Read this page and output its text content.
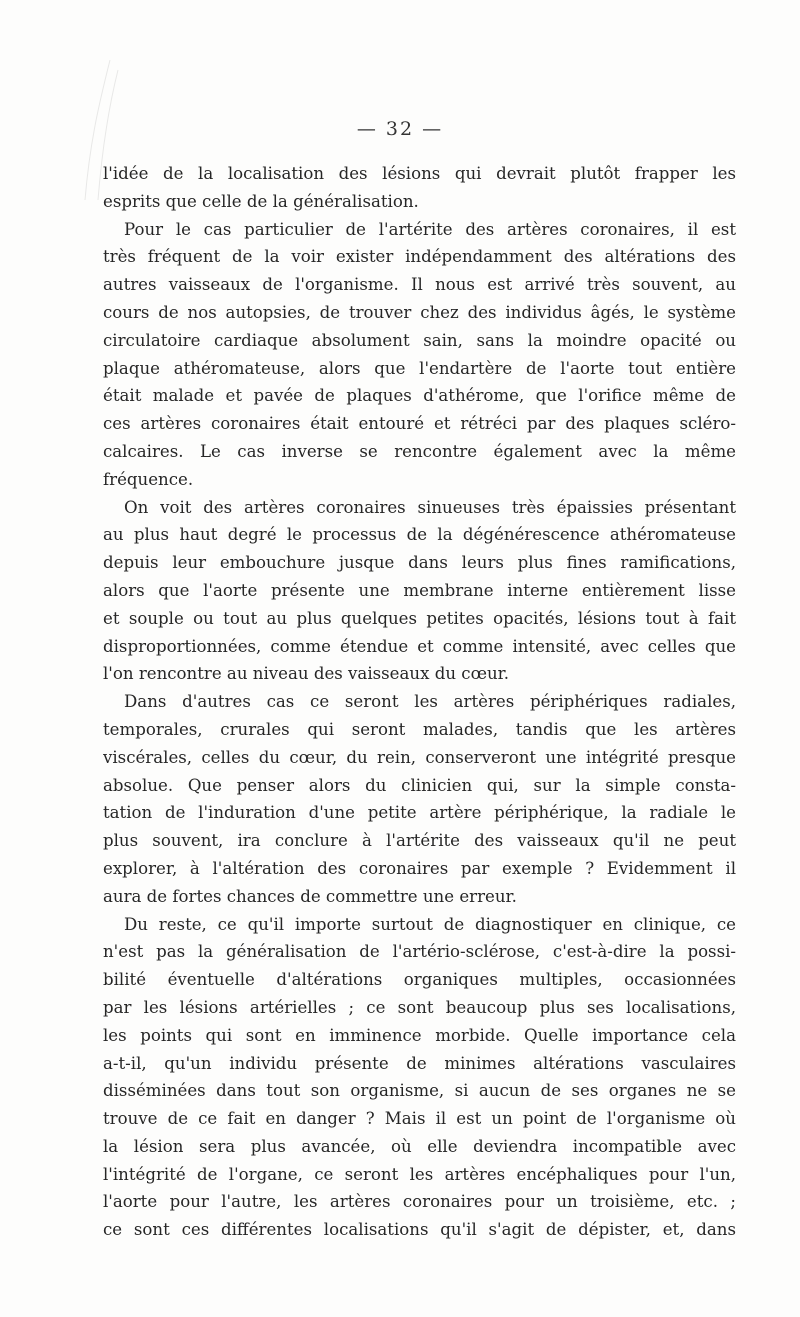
— 32 —
l'idée de la localisation des lésions qui devrait plutôt frapper les
esprits que celle de la généralisation.
Pour le cas particulier de l'artérite des artères coronaires, il est
très fréquent de la voir exister indépendamment des altérations des
autres vaisseaux de l'organisme. Il nous est arrivé très souvent, au
cours de nos autopsies, de trouver chez des individus âgés, le système
circulatoire cardiaque absolument sain, sans la moindre opacité ou
plaque athéromateuse, alors que l'endartère de l'aorte tout entière
était malade et pavée de plaques d'athérome, que l'orifice même de
ces artères coronaires était entouré et rétréci par des plaques scléro-
calcaires. Le cas inverse se rencontre également avec la même
fréquence.
On voit des artères coronaires sinueuses très épaissies présentant
au plus haut degré le processus de la dégénérescence athéromateuse
depuis leur embouchure jusque dans leurs plus fines ramifications,
alors que l'aorte présente une membrane interne entièrement lisse
et souple ou tout au plus quelques petites opacités, lésions tout à fait
disproportionnées, comme étendue et comme intensité, avec celles que
l'on rencontre au niveau des vaisseaux du cœur.
Dans d'autres cas ce seront les artères périphériques radiales,
temporales, crurales qui seront malades, tandis que les artères
viscérales, celles du cœur, du rein, conserveront une intégrité presque
absolue. Que penser alors du clinicien qui, sur la simple consta-
tation de l'induration d'une petite artère périphérique, la radiale le
plus souvent, ira conclure à l'artérite des vaisseaux qu'il ne peut
explorer, à l'altération des coronaires par exemple ? Evidemment il
aura de fortes chances de commettre une erreur.
Du reste, ce qu'il importe surtout de diagnostiquer en clinique, ce
n'est pas la généralisation de l'artério-sclérose, c'est-à-dire la possi-
bilité éventuelle d'altérations organiques multiples, occasionnées
par les lésions artérielles ; ce sont beaucoup plus ses localisations,
les points qui sont en imminence morbide. Quelle importance cela
a-t-il, qu'un individu présente de minimes altérations vasculaires
disséminées dans tout son organisme, si aucun de ses organes ne se
trouve de ce fait en danger ? Mais il est un point de l'organisme où
la lésion sera plus avancée, où elle deviendra incompatible avec
l'intégrité de l'organe, ce seront les artères encéphaliques pour l'un,
l'aorte pour l'autre, les artères coronaires pour un troisième, etc. ;
ce sont ces différentes localisations qu'il s'agit de dépister, et, dans
